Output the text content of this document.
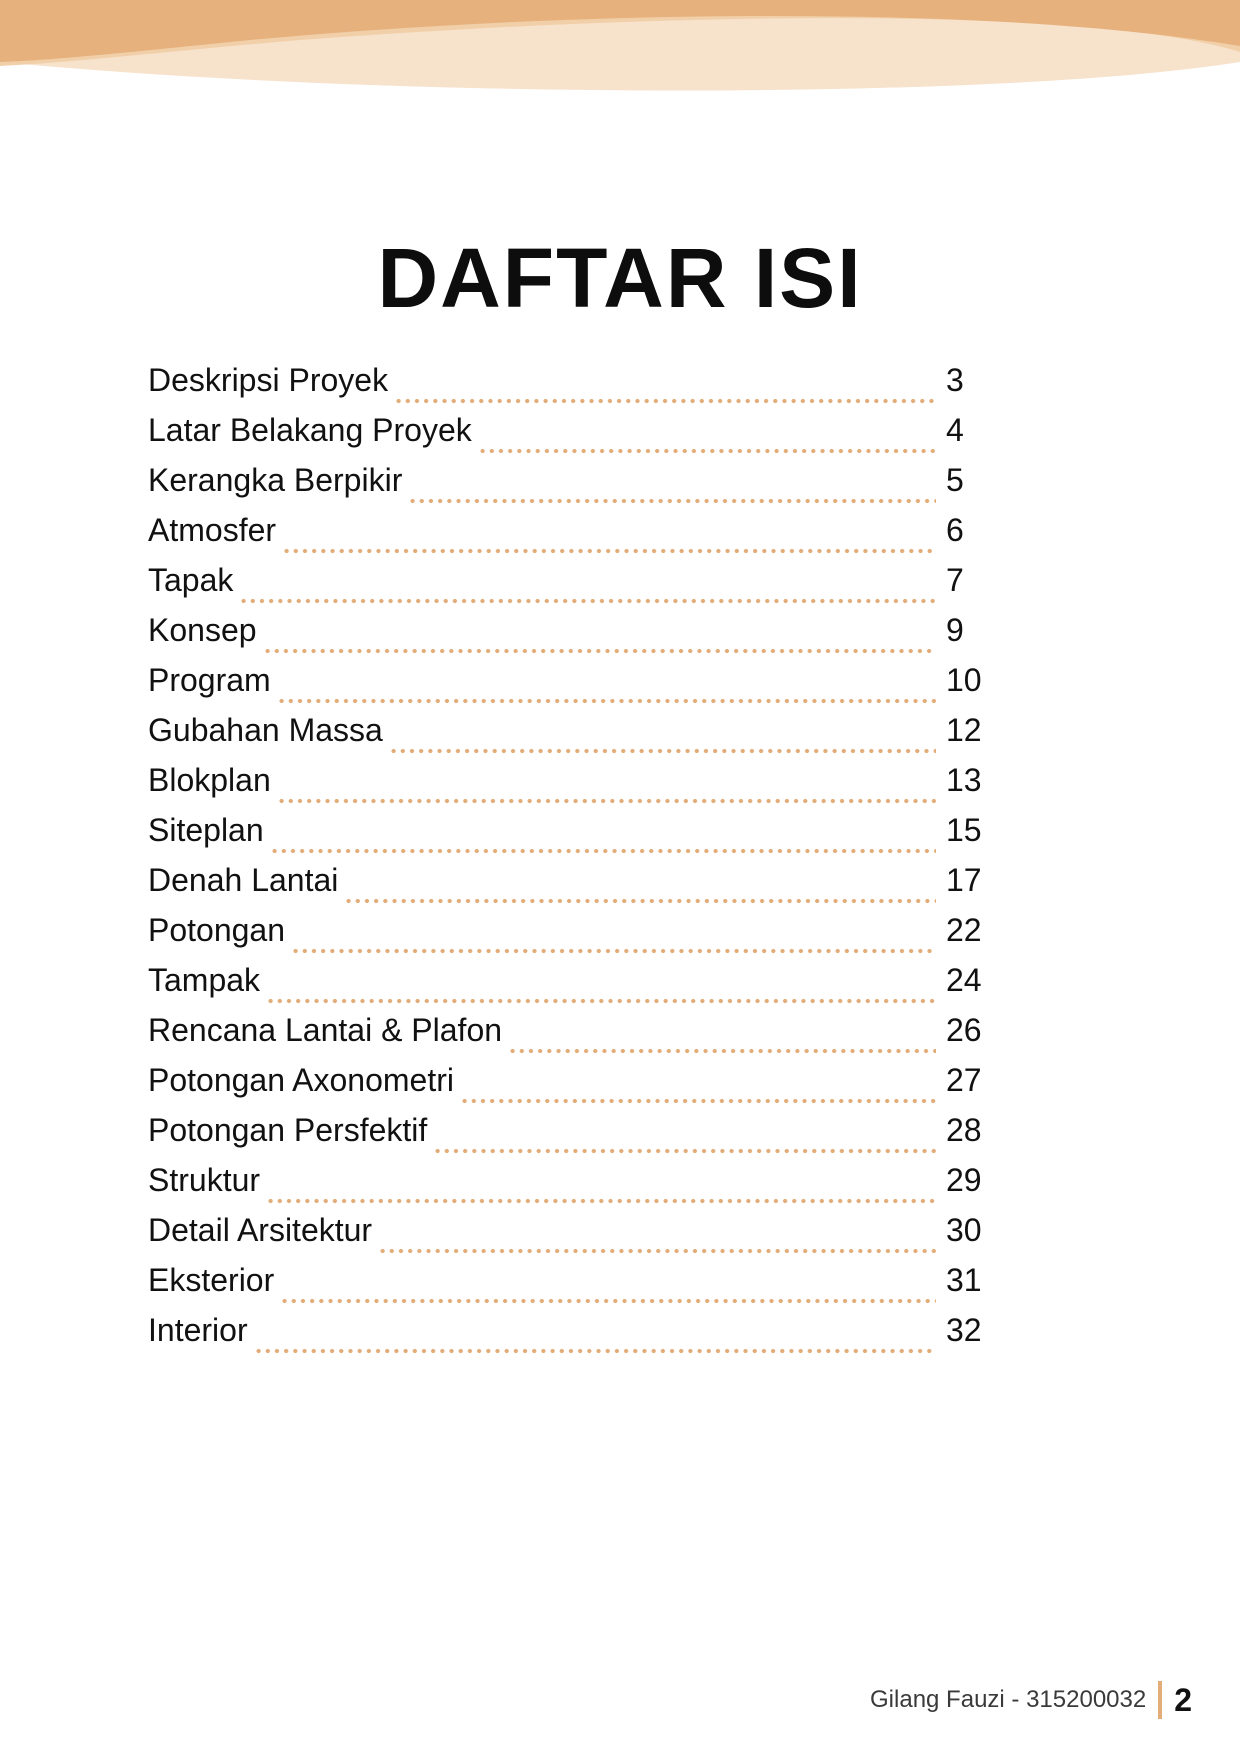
DAFTAR ISI
Deskripsi Proyek	3
Latar Belakang Proyek	4
Kerangka Berpikir	5
Atmosfer	6
Tapak	7
Konsep	9
Program	10
Gubahan Massa	12
Blokplan	13
Siteplan	15
Denah Lantai	17
Potongan	22
Tampak	24
Rencana Lantai & Plafon	26
Potongan Axonometri	27
Potongan Persfektif	28
Struktur	29
Detail Arsitektur	30
Eksterior	31
Interior	32
Gilang Fauzi - 315200032 2
